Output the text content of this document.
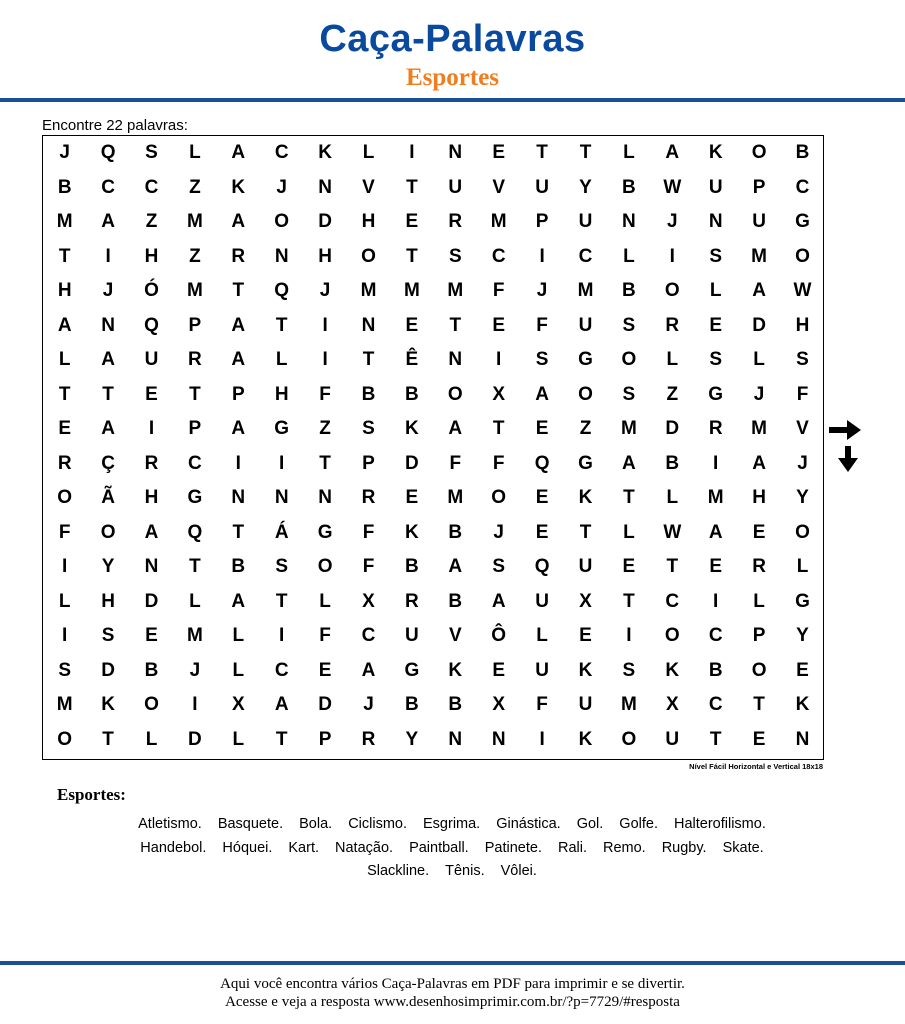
Caça-Palavras
Esportes
Encontre 22 palavras:
J	Q	S	L	A	C	K	L	I	N	E	T	T	L	A	K	O	B
B	C	C	Z	K	J	N	V	T	U	V	U	Y	B	W	U	P	C
M	A	Z	M	A	O	D	H	E	R	M	P	U	N	J	N	U	G
T	I	H	Z	R	N	H	O	T	S	C	I	C	L	I	S	M	O
H	J	Ó	M	T	Q	J	M	M	M	F	J	M	B	O	L	A	W
A	N	Q	P	A	T	I	N	E	T	E	F	U	S	R	E	D	H
L	A	U	R	A	L	I	T	Ê	N	I	S	G	O	L	S	L	S
T	T	E	T	P	H	F	B	B	O	X	A	O	S	Z	G	J	F
E	A	I	P	A	G	Z	S	K	A	T	E	Z	M	D	R	M	V
R	Ç	R	C	I	I	T	P	D	F	F	Q	G	A	B	I	A	J
O	Ã	H	G	N	N	N	R	E	M	O	E	K	T	L	M	H	Y
F	O	A	Q	T	Á	G	F	K	B	J	E	T	L	W	A	E	O
I	Y	N	T	B	S	O	F	B	A	S	Q	U	E	T	E	R	L
L	H	D	L	A	T	L	X	R	B	A	U	X	T	C	I	L	G
I	S	E	M	L	I	F	C	U	V	Ô	L	E	I	O	C	P	Y
S	D	B	J	L	C	E	A	G	K	E	U	K	S	K	B	O	E
M	K	O	I	X	A	D	J	B	B	X	F	U	M	X	C	T	K
O	T	L	D	L	T	P	R	Y	N	N	I	K	O	U	T	E	N
Nível Fácil Horizontal e Vertical 18x18
Esportes:
Atletismo. Basquete. Bola. Ciclismo. Esgrima. Ginástica. Gol. Golfe. Halterofilismo.
Handebol. Hóquei. Kart. Natação. Paintball. Patinete. Rali. Remo. Rugby. Skate.
Slackline. Tênis. Vôlei.
Aqui você encontra vários Caça-Palavras em PDF para imprimir e se divertir.
Acesse e veja a resposta www.desenhosimprimir.com.br/?p=7729/#resposta
